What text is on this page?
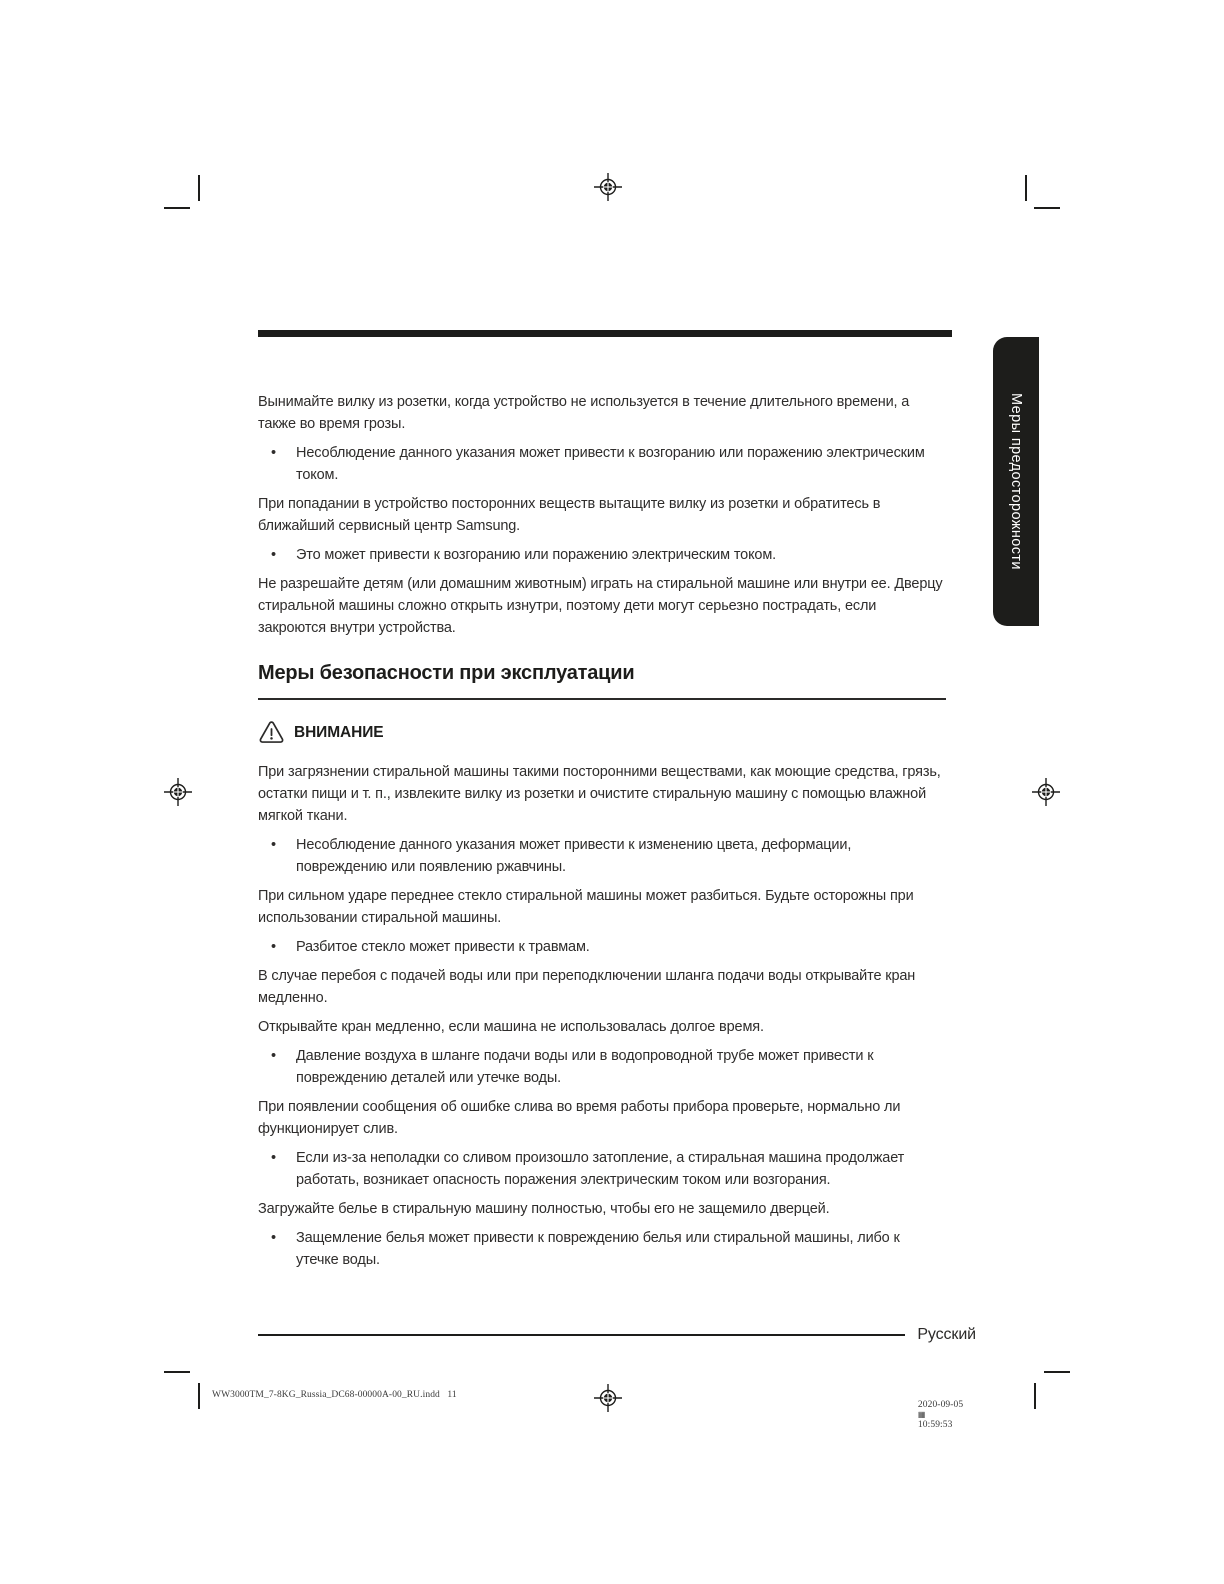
Меры предосторожности

Вынимайте вилку из розетки, когда устройство не используется в течение длительного времени, а также во время грозы.

•	Несоблюдение данного указания может привести к возгоранию или поражению электрическим током.

При попадании в устройство посторонних веществ вытащите вилку из розетки и обратитесь в ближайший сервисный центр Samsung.

•	Это может привести к возгоранию или поражению электрическим током.

Не разрешайте детям (или домашним животным) играть на стиральной машине или внутри ее. Дверцу стиральной машины сложно открыть изнутри, поэтому дети могут серьезно пострадать, если закроются внутри устройства.

Меры безопасности при эксплуатации
ВНИМАНИЕ

При загрязнении стиральной машины такими посторонними веществами, как моющие средства, грязь, остатки пищи и т. п., извлеките вилку из розетки и очистите стиральную машину с помощью влажной мягкой ткани.

•	Несоблюдение данного указания может привести к изменению цвета, деформации, повреждению или появлению ржавчины.

При сильном ударе переднее стекло стиральной машины может разбиться. Будьте осторожны при использовании стиральной машины.

•	Разбитое стекло может привести к травмам.

В случае перебоя с подачей воды или при переподключении шланга подачи воды открывайте кран медленно.

Открывайте кран медленно, если машина не использовалась долгое время.

•	Давление воздуха в шланге подачи воды или в водопроводной трубе может привести к повреждению деталей или утечке воды.

При появлении сообщения об ошибке слива во время работы прибора проверьте, нормально ли функционирует слив.

•	Если из-за неполадки со сливом произошло затопление, а стиральная машина продолжает работать, возникает опасность поражения электрическим током или возгорания.

Загружайте белье в стиральную машину полностью, чтобы его не защемило дверцей.

•	Защемление белья может привести к повреждению белья или стиральной машины, либо к утечке воды.
Русский
WW3000TM_7-8KG_Russia_DC68-00000A-00_RU.indd   11

2020-09-05
▦
10:59:53
